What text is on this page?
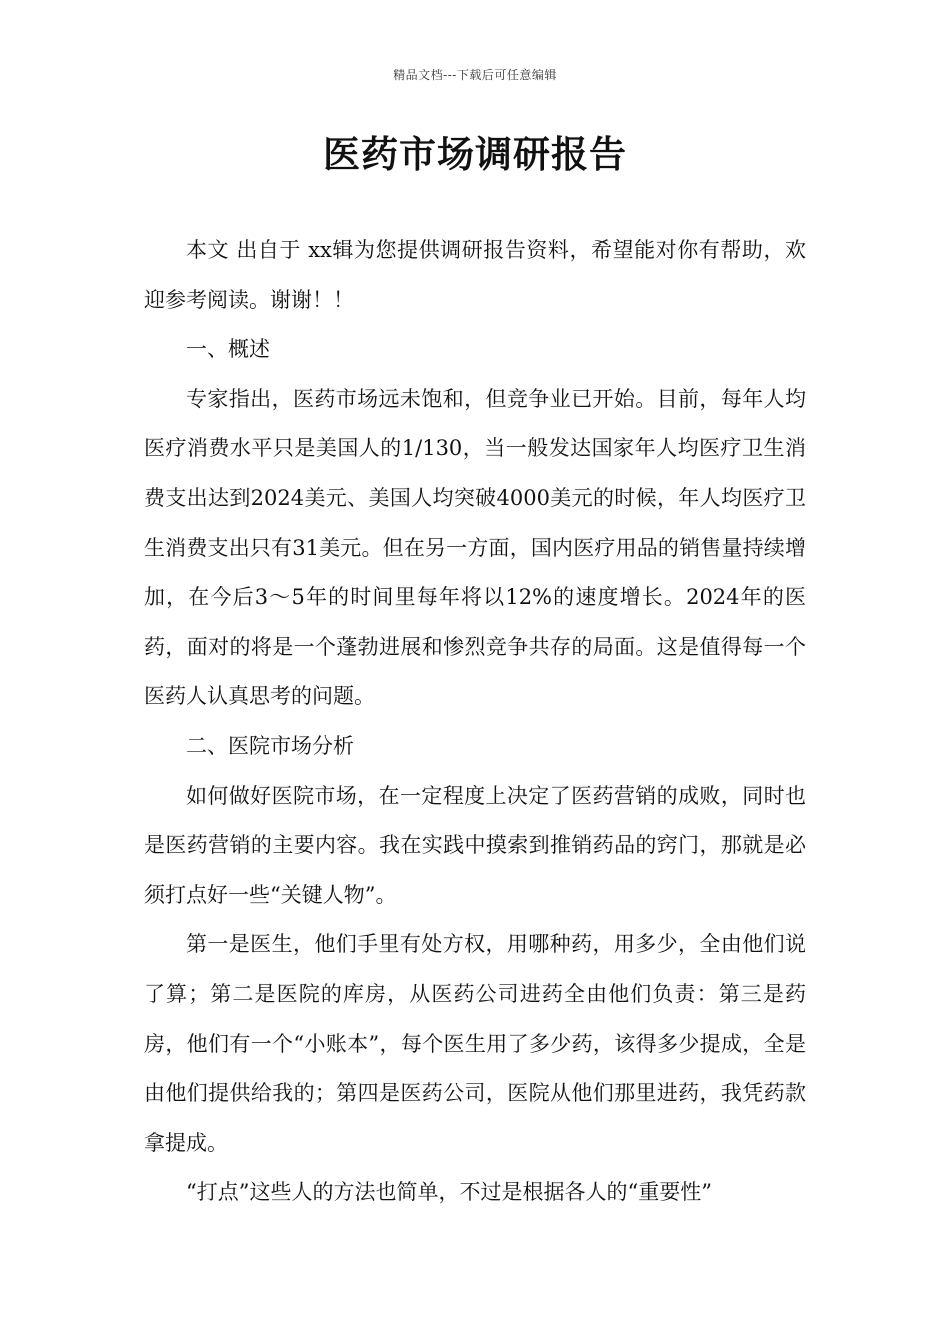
精品文档---下载后可任意编辑
医药市场调研报告

本文 出自于 xx辑为您提供调研报告资料，希望能对你有帮助，欢迎参考阅读。谢谢！！

一、概述

专家指出，医药市场远未饱和，但竞争业已开始。目前，每年人均医疗消费水平只是美国人的1/130，当一般发达国家年人均医疗卫生消费支出达到2024美元、美国人均突破4000美元的时候，年人均医疗卫生消费支出只有31美元。但在另一方面，国内医疗用品的销售量持续增加，在今后3～5年的时间里每年将以12%的速度增长。2024年的医药，面对的将是一个蓬勃进展和惨烈竞争共存的局面。这是值得每一个医药人认真思考的问题。

二、医院市场分析

如何做好医院市场，在一定程度上决定了医药营销的成败，同时也是医药营销的主要内容。我在实践中摸索到推销药品的窍门，那就是必须打点好一些“关键人物”。

第一是医生，他们手里有处方权，用哪种药，用多少，全由他们说了算；第二是医院的库房，从医药公司进药全由他们负责：第三是药房，他们有一个“小账本”，每个医生用了多少药，该得多少提成，全是由他们提供给我的；第四是医药公司，医院从他们那里进药，我凭药款拿提成。

“打点”这些人的方法也简单，不过是根据各人的“重要性”
